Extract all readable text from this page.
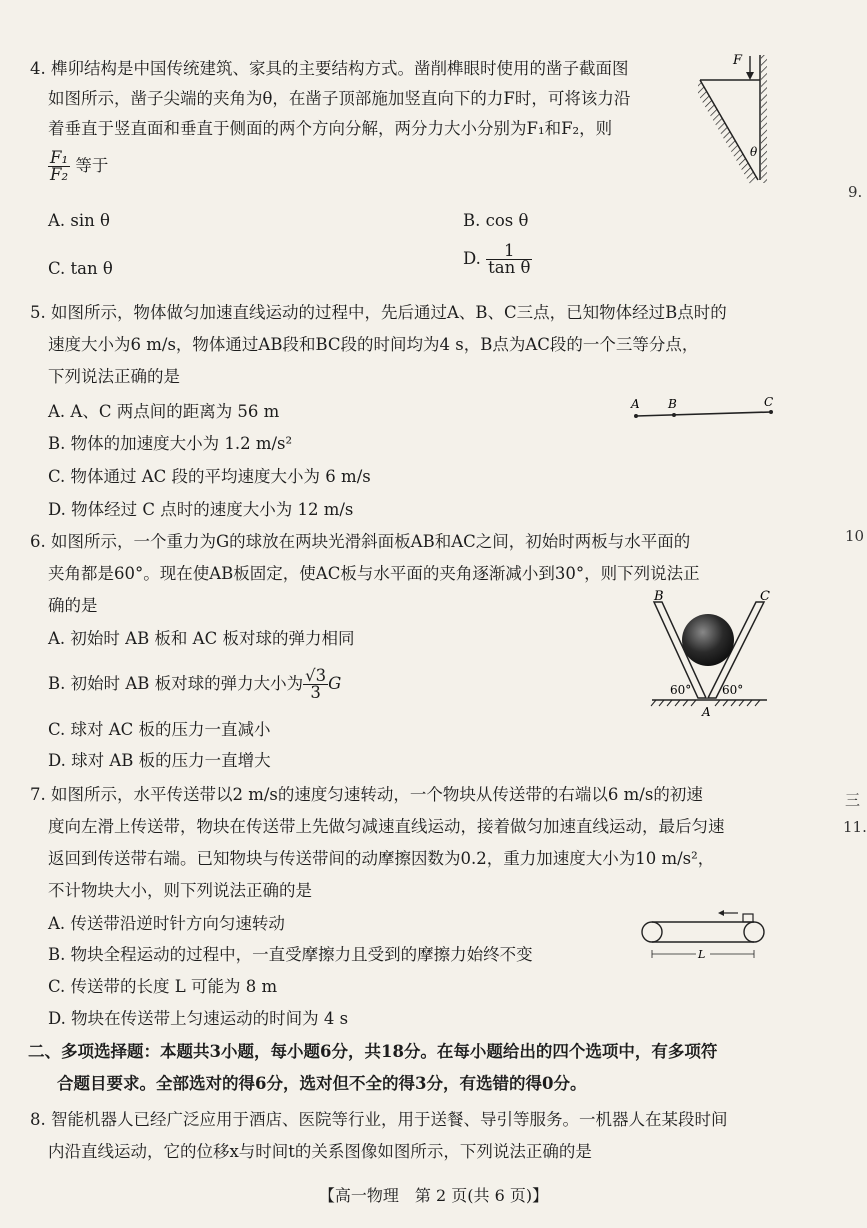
4. 榫卯结构是中国传统建筑、家具的主要结构方式。凿削榫眼时使用的凿子截面图
如图所示，凿子尖端的夹角为θ，在凿子顶部施加竖直向下的力F时，可将该力沿
着垂直于竖直面和垂直于侧面的两个方向分解，两分力大小分别为F₁和F₂，则
$\frac{\text{F₁}}{\text{F₂}}$ 等于
A. sin θ	B. cos θ
C. tan θ
D. $\frac{1}{\text{tan θ}}$
F
θ
5. 如图所示，物体做匀加速直线运动的过程中，先后通过A、B、C三点，已知物体经过B点时的
速度大小为6 m/s，物体通过AB段和BC段的时间均为4 s，B点为AC段的一个三等分点，
下列说法正确的是
A. A、C 两点间的距离为 56 m
B. 物体的加速度大小为 1.2 m/s²
C. 物体通过 AC 段的平均速度大小为 6 m/s
D. 物体经过 C 点时的速度大小为 12 m/s
A B	C
6. 如图所示，一个重力为G的球放在两块光滑斜面板AB和AC之间，初始时两板与水平面的
夹角都是60°。现在使AB板固定，使AC板与水平面的夹角逐渐减小到30°，则下列说法正
确的是
A. 初始时 AB 板和 AC 板对球的弹力相同
B. 初始时 AB 板对球的弹力大小为 $\frac{√3}{3}$ G
C. 球对 AC 板的压力一直减小
D. 球对 AB 板的压力一直增大
B	C
A
60°	60°
7. 如图所示，水平传送带以2 m/s的速度匀速转动，一个物块从传送带的右端以6 m/s的初速
度向左滑上传送带，物块在传送带上先做匀减速直线运动，接着做匀加速直线运动，最后匀速
返回到传送带右端。已知物块与传送带间的动摩擦因数为0.2，重力加速度大小为10 m/s²，
不计物块大小，则下列说法正确的是
A. 传送带沿逆时针方向匀速转动
B. 物块全程运动的过程中，一直受摩擦力且受到的摩擦力始终不变
C. 传送带的长度 L 可能为 8 m
D. 物块在传送带上匀速运动的时间为 4 s
L
二、多项选择题：本题共3小题，每小题6分，共18分。在每小题给出的四个选项中，有多项符
合题目要求。全部选对的得6分，选对但不全的得3分，有选错的得0分。
8. 智能机器人已经广泛应用于酒店、医院等行业，用于送餐、导引等服务。一机器人在某段时间
内沿直线运动，它的位移x与时间t的关系图像如图所示，下列说法正确的是
9.
10
三
11.
【高一物理　第 2 页(共 6 页)】
